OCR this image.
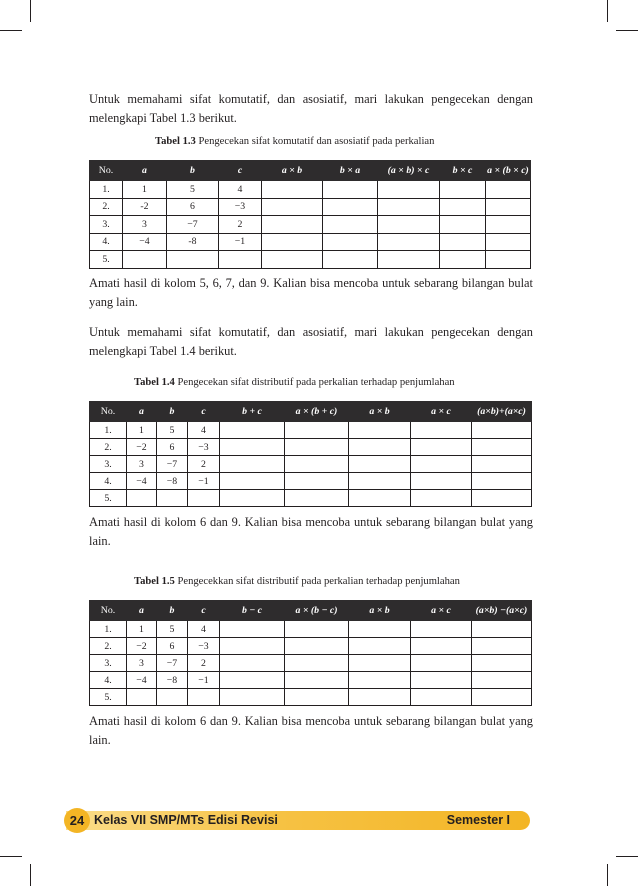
Untuk memahami sifat komutatif, dan asosiatif, mari lakukan pengecekan dengan melengkapi Tabel 1.3 berikut.

Tabel 1.3 Pengecekan sifat komutatif dan asosiatif pada perkalian
No.	a	b	c	a × b	b × a	(a × b) × c	b × c	a × (b × c)
1.	1	5	4					
2.	-2	6	−3					
3.	3	−7	2					
4.	−4	-8	−1					
5.								

Amati hasil di kolom 5, 6, 7, dan 9. Kalian bisa mencoba untuk sebarang bilangan bulat yang lain.

Untuk memahami sifat komutatif, dan asosiatif, mari lakukan pengecekan dengan melengkapi Tabel 1.4 berikut.

Tabel 1.4 Pengecekan sifat distributif pada perkalian terhadap penjumlahan
No.	a	b	c	b + c	a × (b + c)	a × b	a × c	(a×b)+(a×c)
1.	1	5	4					
2.	−2	6	−3					
3.	3	−7	2					
4.	−4	−8	−1					
5.								

Amati hasil di kolom 6 dan 9. Kalian bisa mencoba untuk sebarang bilangan bulat yang lain.

Tabel 1.5 Pengecekkan sifat distributif pada perkalian terhadap penjumlahan
No.	a	b	c	b − c	a × (b − c)	a × b	a × c	(a×b) −(a×c)
1.	1	5	4					
2.	−2	6	−3					
3.	3	−7	2					
4.	−4	−8	−1					
5.								

Amati hasil di kolom 6 dan 9. Kalian bisa mencoba untuk sebarang bilangan bulat yang lain.

24 Kelas VII SMP/MTs Edisi Revisi	Semester I
